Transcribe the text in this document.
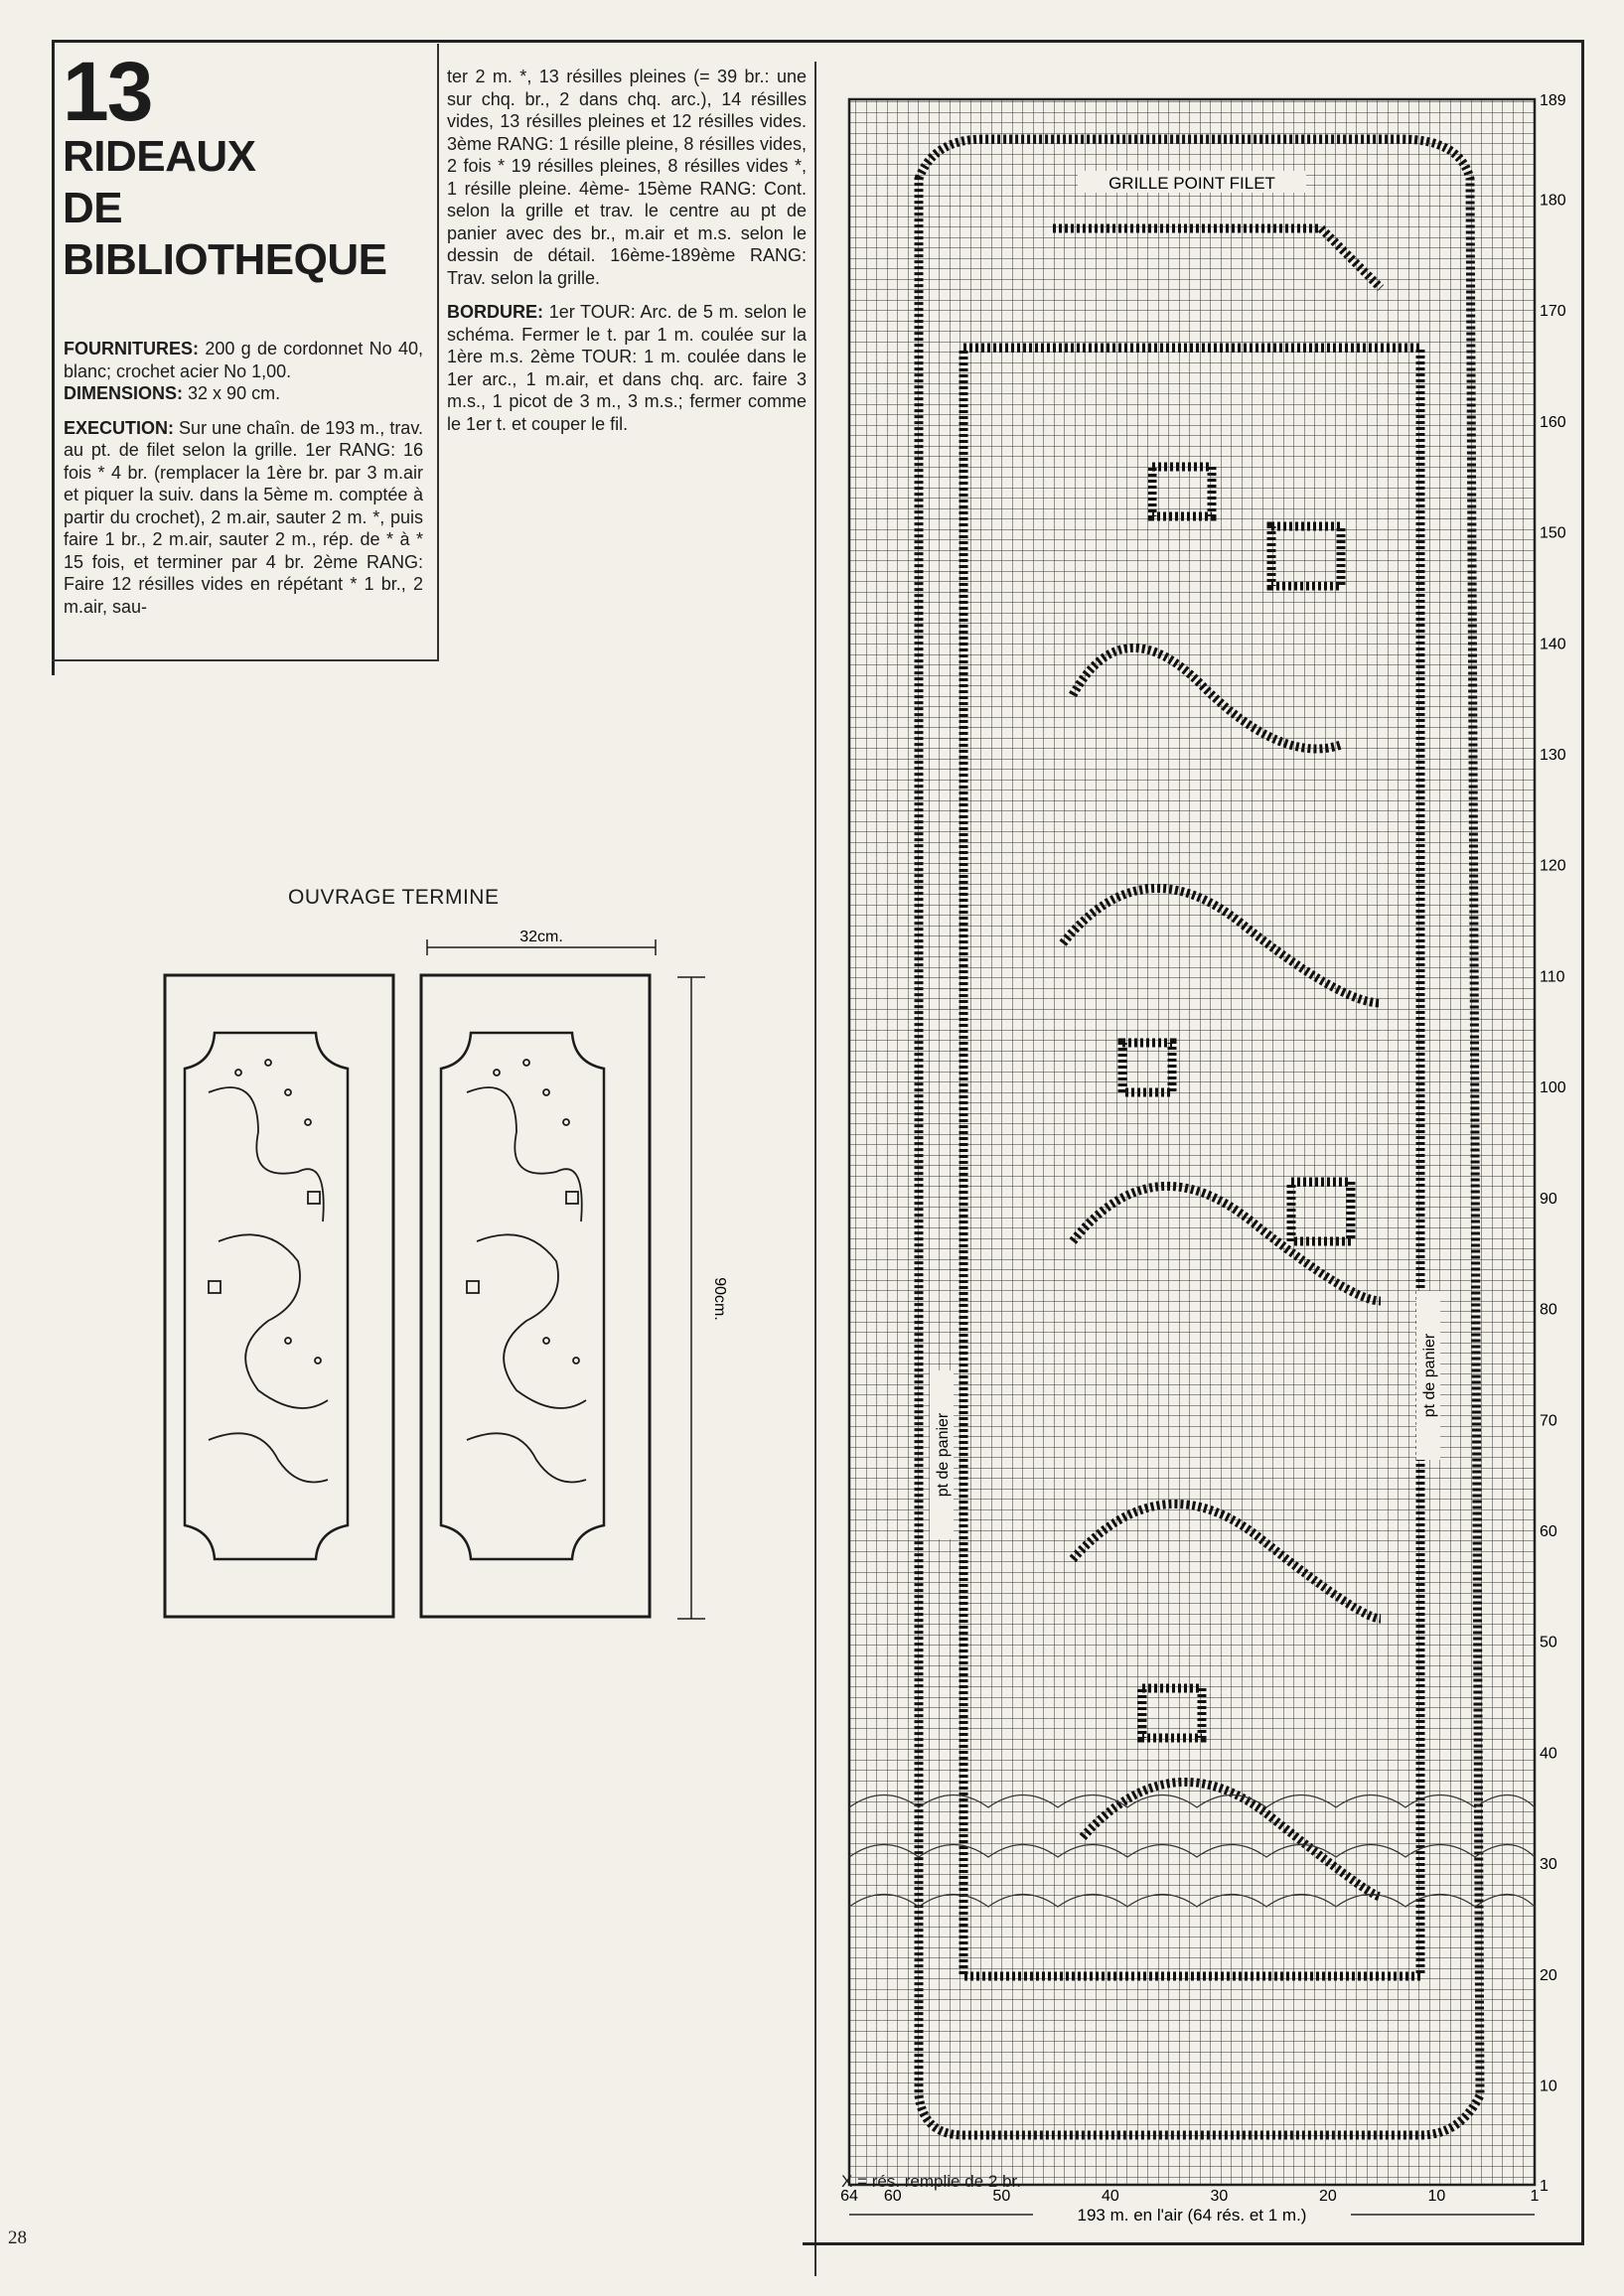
13
RIDEAUX
DE
BIBLIOTHEQUE

FOURNITURES: 200 g de cordonnet No 40, blanc; crochet acier No 1,00.
DIMENSIONS: 32 x 90 cm.

EXECUTION: Sur une chaîn. de 193 m., trav. au pt. de filet selon la grille. 1er RANG: 16 fois * 4 br. (remplacer la 1ère br. par 3 m.air et piquer la suiv. dans la 5ème m. comptée à partir du crochet), 2 m.air, sauter 2 m. *, puis faire 1 br., 2 m.air, sauter 2 m., rép. de * à * 15 fois, et terminer par 4 br. 2ème RANG: Faire 12 résilles vides en répétant * 1 br., 2 m.air, sau-

ter 2 m. *, 13 résilles pleines (= 39 br.: une sur chq. br., 2 dans chq. arc.), 14 résilles vides, 13 résilles pleines et 12 résilles vides. 3ème RANG: 1 résille pleine, 8 résilles vides, 2 fois * 19 résilles pleines, 8 résilles vides *, 1 résille pleine. 4ème- 15ème RANG: Cont. selon la grille et trav. le centre au pt de panier avec des br., m.air et m.s. selon le dessin de détail. 16ème-189ème RANG: Trav. selon la grille.

BORDURE: 1er TOUR: Arc. de 5 m. selon le schéma. Fermer le t. par 1 m. coulée sur la 1ère m.s. 2ème TOUR: 1 m. coulée dans le 1er arc., 1 m.air, et dans chq. arc. faire 3 m.s., 1 picot de 3 m., 3 m.s.; fermer comme le 1er t. et couper le fil.

OUVRAGE TERMINE
32cm.
90cm.
GRILLE POINT FILET
pt de panier
pt de panier
1
10
20
30
40
50
60
70
80
90
100
110
120
130
140
150
160
170
180
189
64 60	50	40	30	20	10	1
193 m. en l'air (64 rés. et 1 m.)
X = rés. remplie de 2 br.
28
